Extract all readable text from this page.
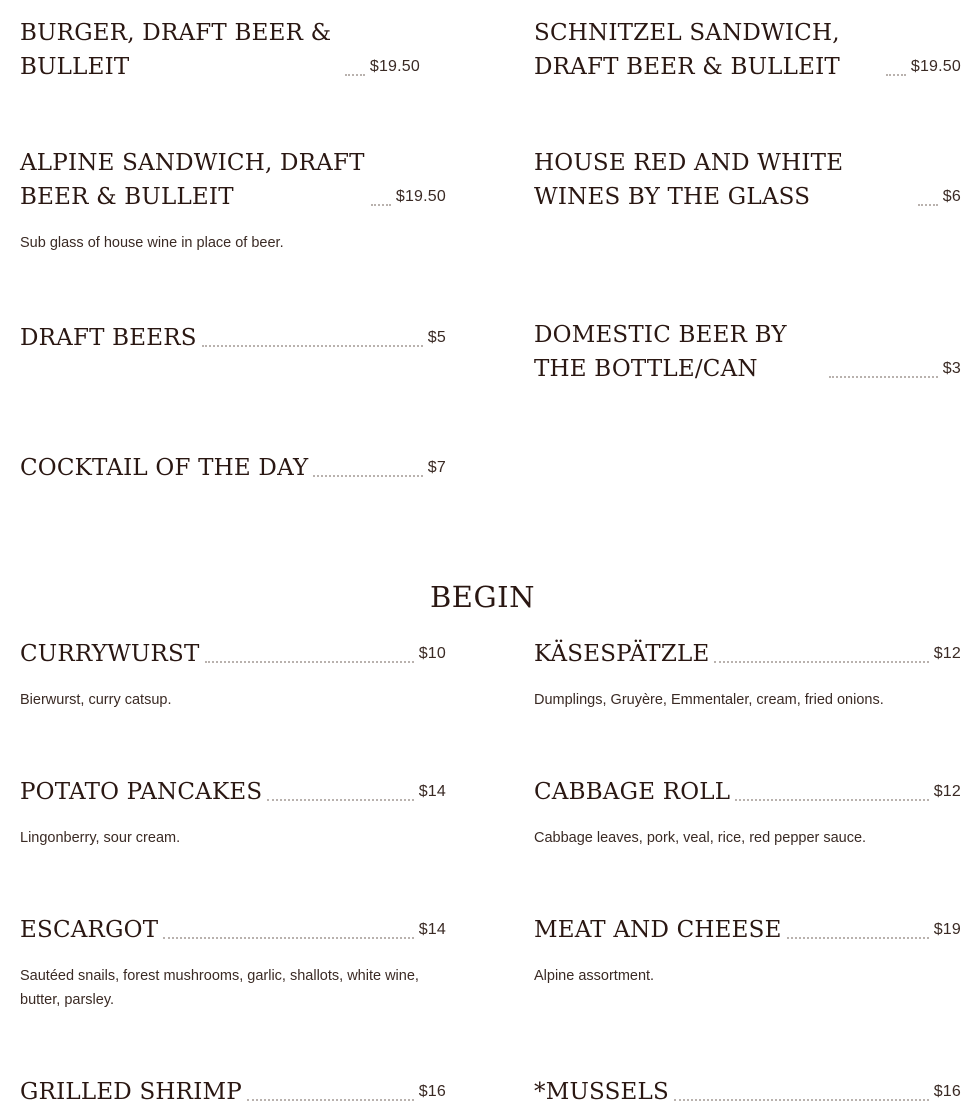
BURGER, DRAFT BEER & BULLEIT	$19.50
SCHNITZEL SANDWICH, DRAFT BEER & BULLEIT	$19.50
ALPINE SANDWICH, DRAFT BEER & BULLEIT	$19.50
Sub glass of house wine in place of beer.
HOUSE RED AND WHITE WINES BY THE GLASS	$6
DRAFT BEERS	$5	DOMESTIC BEER BY THE BOTTLE/CAN	$3
COCKTAIL OF THE DAY	$7
BEGIN
CURRYWURST	$10
Bierwurst, curry catsup.
KÄSESPÄTZLE	$12
Dumplings, Gruyère, Emmentaler, cream, fried onions.
POTATO PANCAKES	$14
Lingonberry, sour cream.
CABBAGE ROLL	$12
Cabbage leaves, pork, veal, rice, red pepper sauce.
ESCARGOT	$14
Sautéed snails, forest mushrooms, garlic, shallots, white wine, butter, parsley.
MEAT AND CHEESE	$19
Alpine assortment.
GRILLED SHRIMP	$16	*MUSSELS	$16
